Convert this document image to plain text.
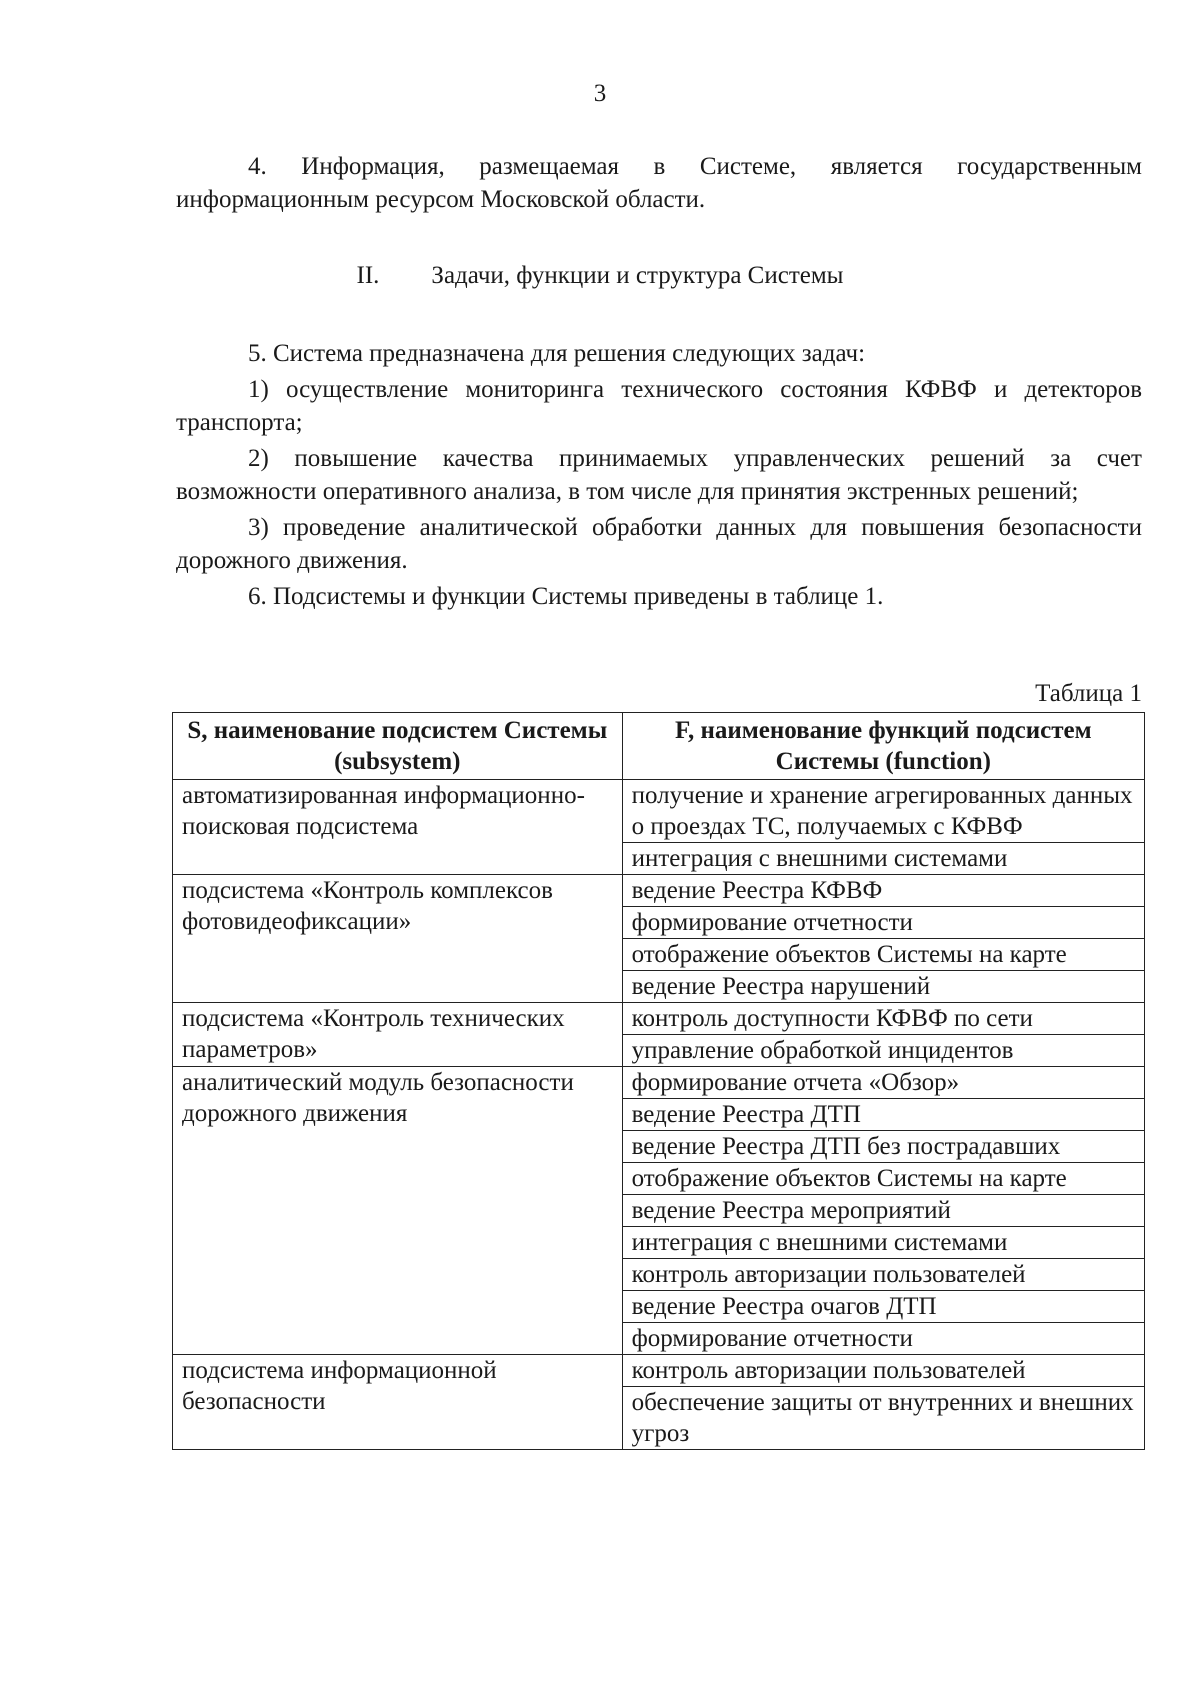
3

4. Информация, размещаемая в Системе, является государственным информационным ресурсом Московской области.

II. Задачи, функции и структура Системы

5. Система предназначена для решения следующих задач:

1) осуществление мониторинга технического состояния КФВФ и детекторов транспорта;

2) повышение качества принимаемых управленческих решений за счет возможности оперативного анализа, в том числе для принятия экстренных решений;

3) проведение аналитической обработки данных для повышения безопасности дорожного движения.

6. Подсистемы и функции Системы приведены в таблице 1.

Таблица 1
S, наименование подсистем Системы (subsystem)	F, наименование функций подсистем Системы (function)
автоматизированная информационно-поисковая подсистема	получение и хранение агрегированных данных о проездах ТС, получаемых с КФВФ
	интеграция с внешними системами
подсистема «Контроль комплексов фотовидеофиксации»	ведение Реестра КФВФ
	формирование отчетности
	отображение объектов Системы на карте
	ведение Реестра нарушений
подсистема «Контроль технических параметров»	контроль доступности КФВФ по сети
	управление обработкой инцидентов
аналитический модуль безопасности дорожного движения	формирование отчета «Обзор»
	ведение Реестра ДТП
	ведение Реестра ДТП без пострадавших
	отображение объектов Системы на карте
	ведение Реестра мероприятий
	интеграция с внешними системами
	контроль авторизации пользователей
	ведение Реестра очагов ДТП
	формирование отчетности
подсистема информационной безопасности	контроль авторизации пользователей
	обеспечение защиты от внутренних и внешних угроз
